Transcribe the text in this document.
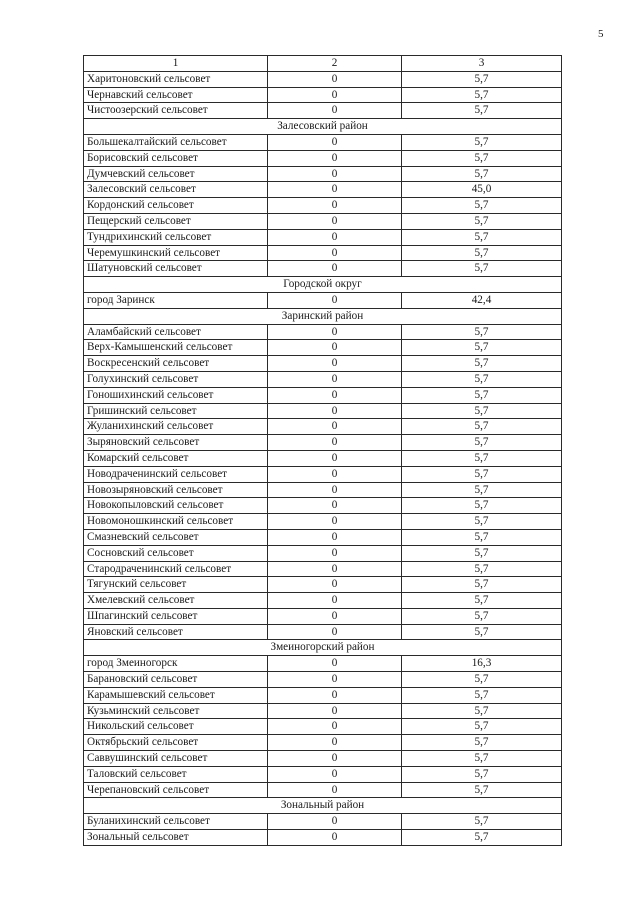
5
1	2	3
Харитоновский сельсовет	0	5,7
Чернавский сельсовет	0	5,7
Чистоозерский сельсовет	0	5,7
Залесовский район		
Большекалтайский сельсовет	0	5,7
Борисовский сельсовет	0	5,7
Думчевский сельсовет	0	5,7
Залесовский сельсовет	0	45,0
Кордонский сельсовет	0	5,7
Пещерский сельсовет	0	5,7
Тундрихинский сельсовет	0	5,7
Черемушкинский сельсовет	0	5,7
Шатуновский сельсовет	0	5,7
Городской округ		
город Заринск	0	42,4
Заринский район		
Аламбайский сельсовет	0	5,7
Верх-Камышенский сельсовет	0	5,7
Воскресенский сельсовет	0	5,7
Голухинский сельсовет	0	5,7
Гоношихинский сельсовет	0	5,7
Гришинский сельсовет	0	5,7
Жуланихинский сельсовет	0	5,7
Зыряновский сельсовет	0	5,7
Комарский сельсовет	0	5,7
Новодраченинский сельсовет	0	5,7
Новозыряновский сельсовет	0	5,7
Новокопыловский сельсовет	0	5,7
Новомоношкинский сельсовет	0	5,7
Смазневский сельсовет	0	5,7
Сосновский сельсовет	0	5,7
Стародраченинский сельсовет	0	5,7
Тягунский сельсовет	0	5,7
Хмелевский сельсовет	0	5,7
Шпагинский сельсовет	0	5,7
Яновский сельсовет	0	5,7
Змеиногорский район		
город Змеиногорск	0	16,3
Барановский сельсовет	0	5,7
Карамышевский сельсовет	0	5,7
Кузьминский сельсовет	0	5,7
Никольский сельсовет	0	5,7
Октябрьский сельсовет	0	5,7
Саввушинский сельсовет	0	5,7
Таловский сельсовет	0	5,7
Черепановский сельсовет	0	5,7
Зональный район		
Буланихинский сельсовет	0	5,7
Зональный сельсовет	0	5,7
